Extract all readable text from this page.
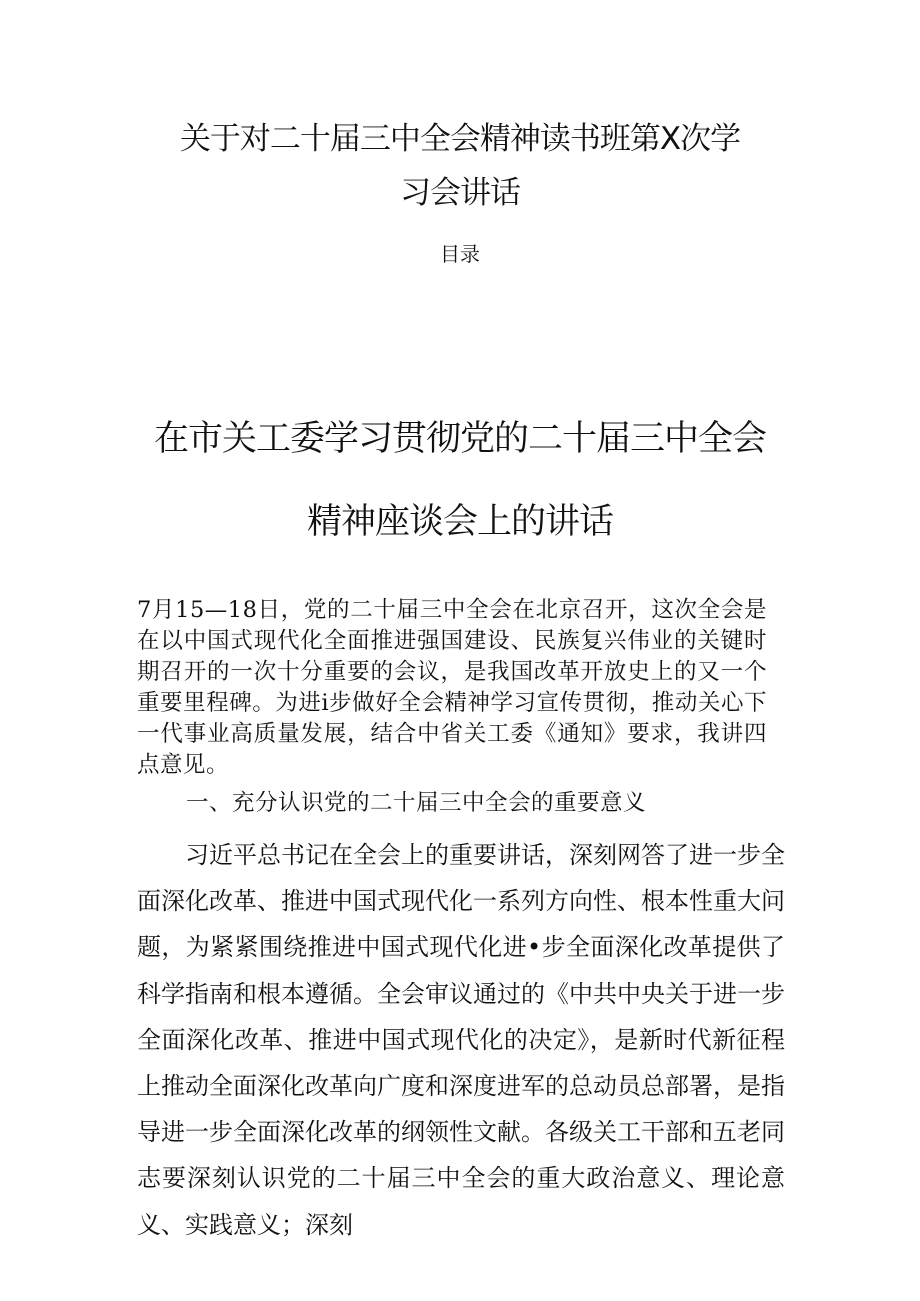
关于对二十届三中全会精神读书班第X次学
习会讲话
目录
在市关工委学习贯彻党的二十届三中全会
精神座谈会上的讲话

7月15—18日，党的二十届三中全会在北京召开，这次全会是在以中国式现代化全面推进强国建设、民族复兴伟业的关键时期召开的一次十分重要的会议，是我国改革开放史上的又一个重要里程碑。为进i步做好全会精神学习宣传贯彻，推动关心下一代事业高质量发展，结合中省关工委《通知》要求，我讲四点意见。

一、充分认识党的二十届三中全会的重要意义

习近平总书记在全会上的重要讲话，深刻网答了进一步全面深化改革、推进中国式现代化一系列方向性、根本性重大问题，为紧紧围绕推进中国式现代化进•步全面深化改革提供了科学指南和根本遵循。全会审议通过的《中共中央关于进一步全面深化改革、推进中国式现代化的决定》，是新时代新征程上推动全面深化改革向广度和深度进军的总动员总部署，是指导进一步全面深化改革的纲领性文献。各级关工干部和五老同志要深刻认识党的二十届三中全会的重大政治意义、理论意义、实践意义；深刻
